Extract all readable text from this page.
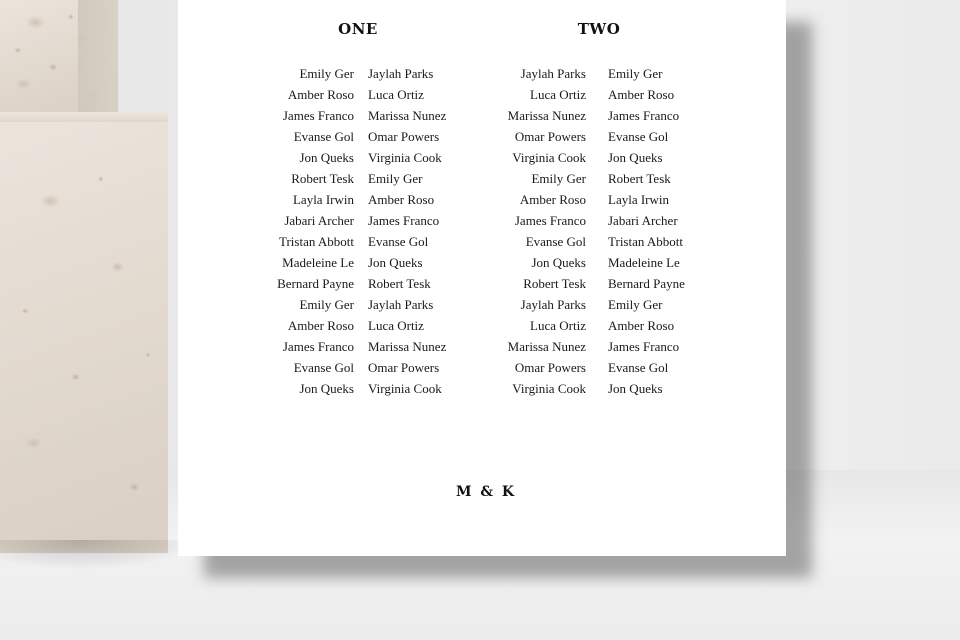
ONE	TWO
Emily Ger
Amber Roso
James Franco
Evanse Gol
Jon Queks
Robert Tesk
Layla Irwin
Jabari Archer
Tristan Abbott
Madeleine Le
Bernard Payne
Emily Ger
Amber Roso
James Franco
Evanse Gol
Jon Queks
Jaylah Parks
Luca Ortiz
Marissa Nunez
Omar Powers
Virginia Cook
Emily Ger
Amber Roso
James Franco
Evanse Gol
Jon Queks
Robert Tesk
Jaylah Parks
Luca Ortiz
Marissa Nunez
Omar Powers
Virginia Cook
Jaylah Parks
Luca Ortiz
Marissa Nunez
Omar Powers
Virginia Cook
Emily Ger
Amber Roso
James Franco
Evanse Gol
Jon Queks
Robert Tesk
Jaylah Parks
Luca Ortiz
Marissa Nunez
Omar Powers
Virginia Cook
Emily Ger
Amber Roso
James Franco
Evanse Gol
Jon Queks
Robert Tesk
Layla Irwin
Jabari Archer
Tristan Abbott
Madeleine Le
Bernard Payne
Emily Ger
Amber Roso
James Franco
Evanse Gol
Jon Queks
M & K
